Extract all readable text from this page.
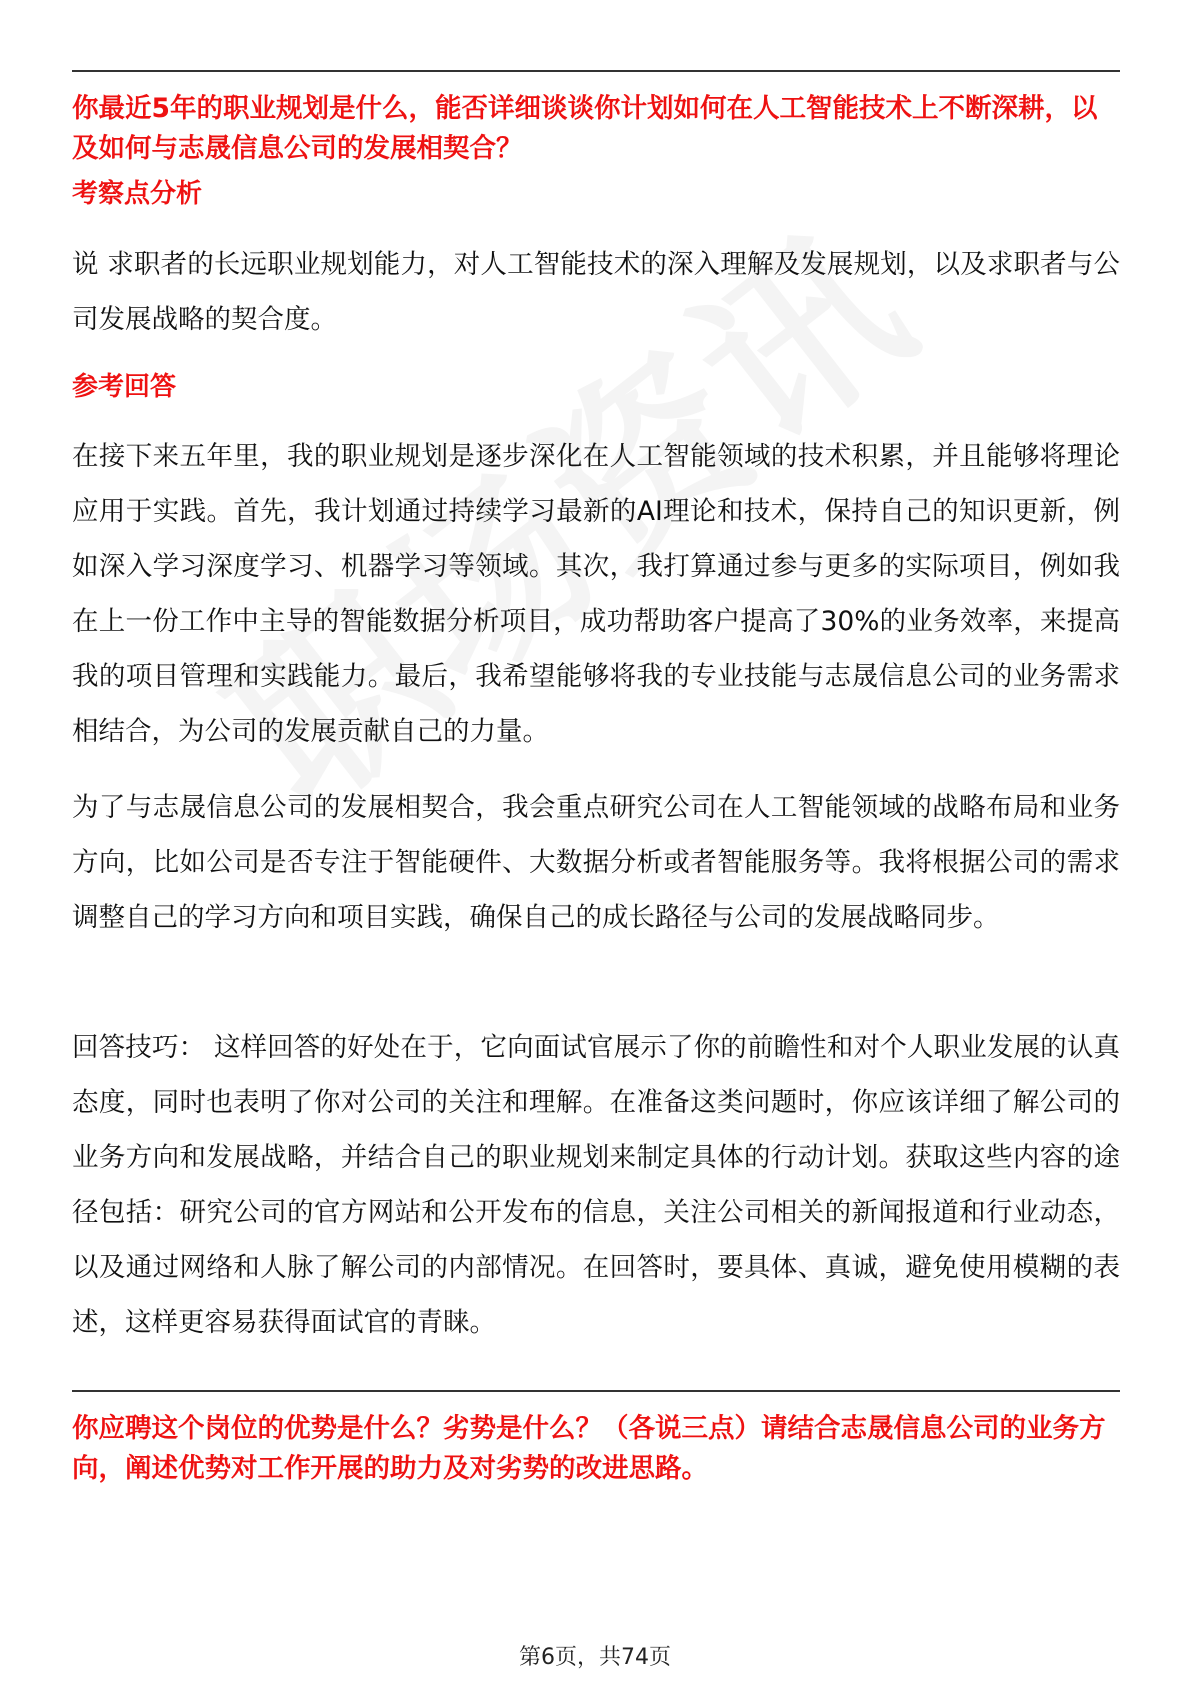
你最近5年的职业规划是什么，能否详细谈谈你计划如何在人工智能技术上不断深耕，以及如何与志晟信息公司的发展相契合？

考察点分析

说 求职者的长远职业规划能力，对人工智能技术的深入理解及发展规划，以及求职者与公司发展战略的契合度。

参考回答

在接下来五年里，我的职业规划是逐步深化在人工智能领域的技术积累，并且能够将理论应用于实践。首先，我计划通过持续学习最新的AI理论和技术，保持自己的知识更新，例如深入学习深度学习、机器学习等领域。其次，我打算通过参与更多的实际项目，例如我在上一份工作中主导的智能数据分析项目，成功帮助客户提高了30%的业务效率，来提高我的项目管理和实践能力。最后，我希望能够将我的专业技能与志晟信息公司的业务需求相结合，为公司的发展贡献自己的力量。

为了与志晟信息公司的发展相契合，我会重点研究公司在人工智能领域的战略布局和业务方向，比如公司是否专注于智能硬件、大数据分析或者智能服务等。我将根据公司的需求调整自己的学习方向和项目实践，确保自己的成长路径与公司的发展战略同步。

回答技巧： 这样回答的好处在于，它向面试官展示了你的前瞻性和对个人职业发展的认真态度，同时也表明了你对公司的关注和理解。在准备这类问题时，你应该详细了解公司的业务方向和发展战略，并结合自己的职业规划来制定具体的行动计划。获取这些内容的途径包括：研究公司的官方网站和公开发布的信息，关注公司相关的新闻报道和行业动态，以及通过网络和人脉了解公司的内部情况。在回答时，要具体、真诚，避免使用模糊的表述，这样更容易获得面试官的青睐。

你应聘这个岗位的优势是什么？劣势是什么？（各说三点）请结合志晟信息公司的业务方向，阐述优势对工作开展的助力及对劣势的改进思路。

第6页，共74页
